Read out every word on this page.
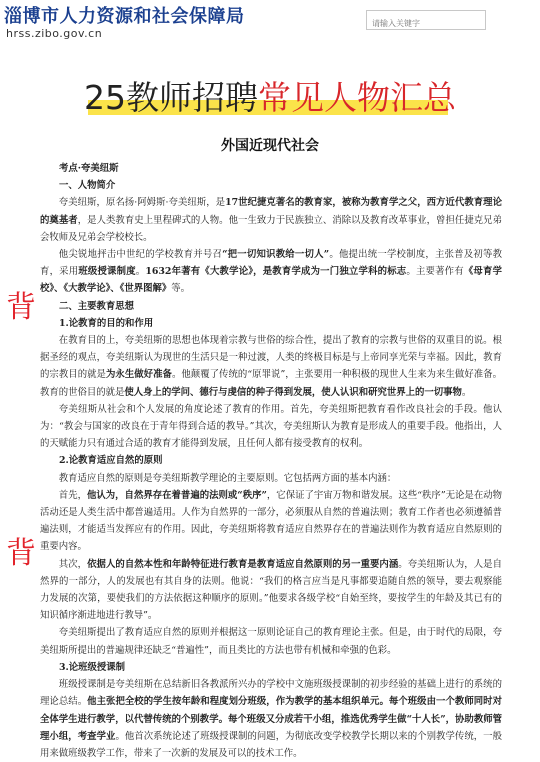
淄博市人力资源和社会保障局
hrss.zibo.gov.cn
请输入关键字
25教师招聘常见人物汇总
外国近现代社会
背
背

考点·夸美纽斯

一、人物简介

夸美纽斯，原名扬·阿姆斯·夸美纽斯，是17世纪捷克著名的教育家，被称为教育学之父，西方近代教育理论的奠基者，是人类教育史上里程碑式的人物。他一生致力于民族独立、消除以及教育改革事业，曾担任捷克兄弟会牧师及兄弟会学校校长。

他尖锐地抨击中世纪的学校教育并号召“把一切知识教给一切人”。他提出统一学校制度，主张普及初等教育，采用班级授课制度。1632年著有《大教学论》，是教育学成为一门独立学科的标志。主要著作有《母育学校》、《大教学论》、《世界图解》等。

二、主要教育思想

1.论教育的目的和作用

在教育目的上，夸美纽斯的思想也体现着宗教与世俗的综合性，提出了教育的宗教与世俗的双重目的说。根据圣经的观点，夸美纽斯认为现世的生活只是一种过渡，人类的终极目标是与上帝同享光荣与幸福。因此，教育的宗教目的就是为永生做好准备。他颠覆了传统的“原罪说”，主张要用一种积极的现世人生来为来生做好准备。教育的世俗目的就是使人身上的学问、德行与虔信的种子得到发展，使人认识和研究世界上的一切事物。

夸美纽斯从社会和个人发展的角度论述了教育的作用。首先，夸美纽斯把教育看作改良社会的手段。他认为：“教会与国家的改良在于青年得到合适的教导。”其次，夸美纽斯认为教育是形成人的重要手段。他指出，人的天赋能力只有通过合适的教育才能得到发展，且任何人都有接受教育的权利。

2.论教育适应自然的原则

教育适应自然的原则是夸美纽斯教学理论的主要原则。它包括两方面的基本内涵：

首先，他认为，自然界存在着普遍的法则或“秩序”，它保证了宇宙万物和谐发展。这些“秩序”无论是在动物活动还是人类生活中都普遍适用。人作为自然界的一部分，必须服从自然的普遍法则；教育工作者也必须遵循普遍法则，才能适当发挥应有的作用。因此，夸美纽斯将教育适应自然界存在的普遍法则作为教育适应自然原则的重要内容。

其次，依据人的自然本性和年龄特征进行教育是教育适应自然原则的另一重要内涵。夸美纽斯认为，人是自然界的一部分，人的发展也有其自身的法则。他说：“我们的格言应当是凡事都要追随自然的领导，要去观察能力发展的次第，要使我们的方法依据这种顺序的原则。”他要求各级学校“自始至终，要按学生的年龄及其已有的知识循序渐进地进行教导”。

夸美纽斯提出了教育适应自然的原则并根据这一原则论证自己的教育理论主张。但是，由于时代的局限，夸美纽斯所提出的普遍规律还缺乏“普遍性”，而且类比的方法也带有机械和牵强的色彩。

3.论班级授课制

班级授课制是夸美纽斯在总结新旧各教派所兴办的学校中文施班级授课制的初步经验的基础上进行的系统的理论总结。他主张把全校的学生按年龄和程度划分班级，作为教学的基本组织单元。每个班级由一个教师同时对全体学生进行教学，以代替传统的个别教学。每个班级又分成若干小组，推选优秀学生做“十人长”，协助教师管理小组，考查学业。他首次系统论述了班级授课制的问题，为彻底改变学校教学长期以来的个别教学传统，一般用来做班级教学工作，带来了一次新的发展及可以的技术工作。
